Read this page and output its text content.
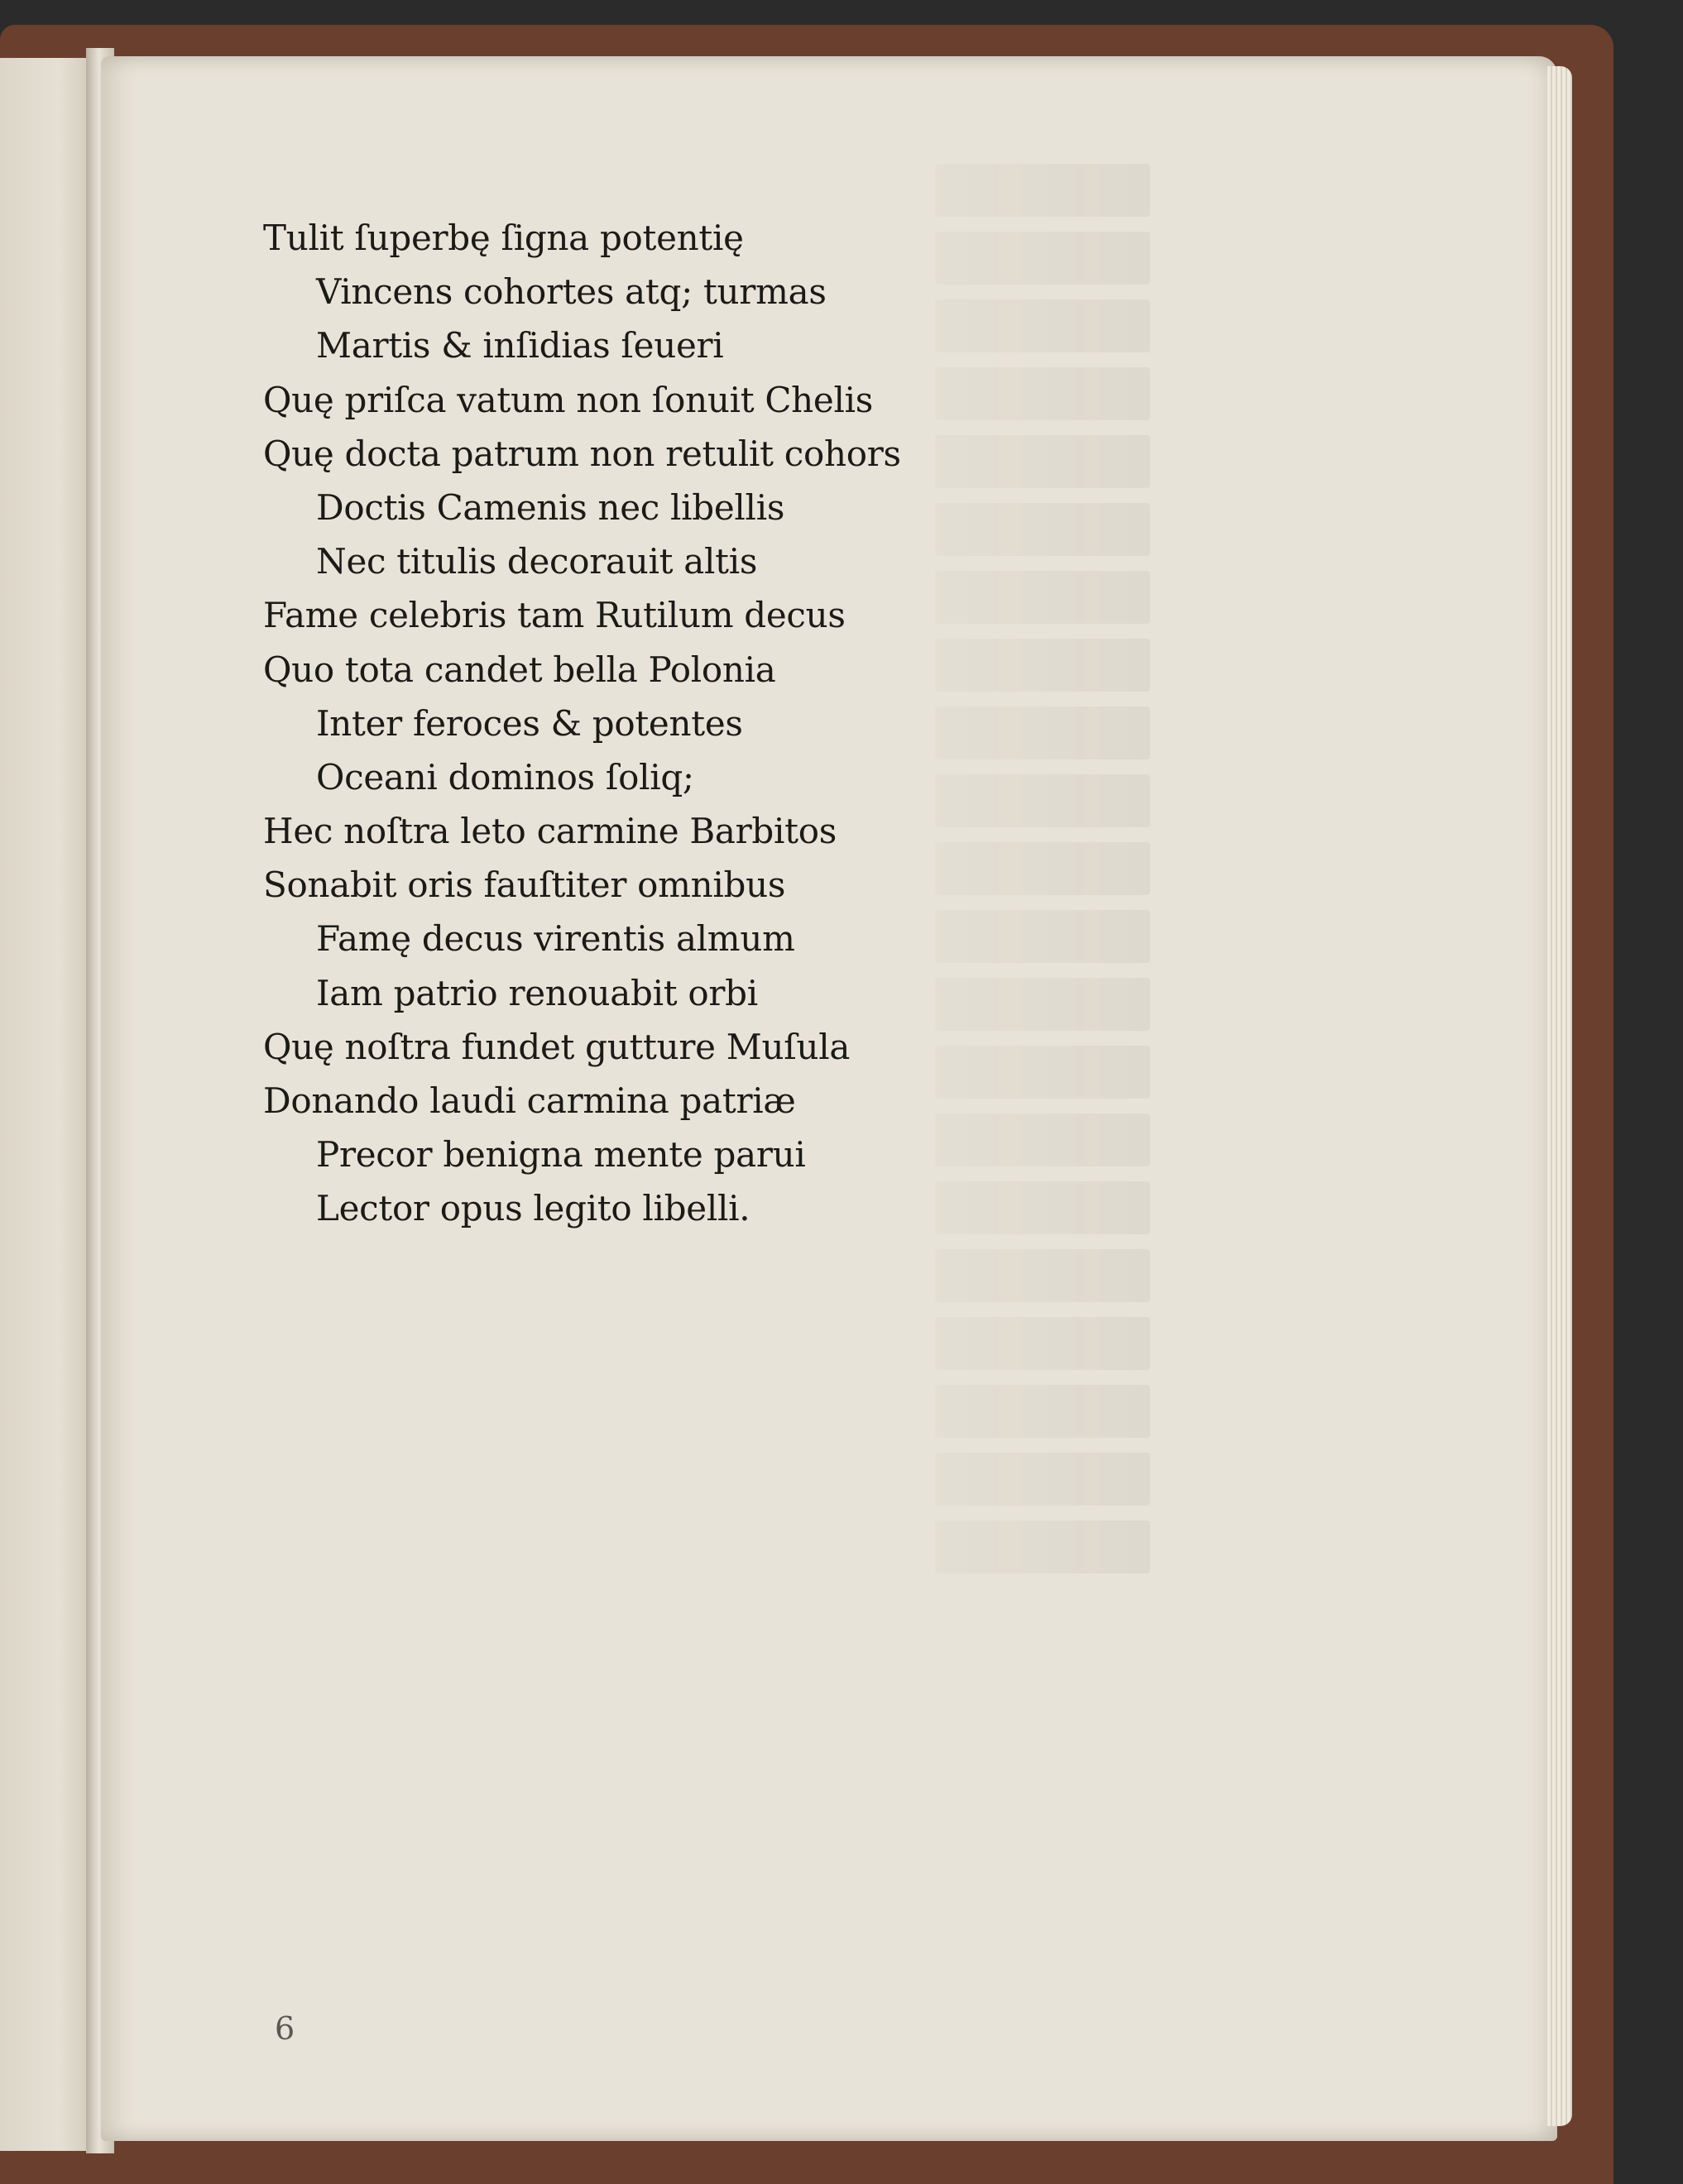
Tulit ſuperbę ſigna potentię
Vincens cohortes atq; turmas
Martis & inſidias ſeueri
Quę priſca vatum non ſonuit Chelis
Quę docta patrum non retulit cohors
Doctis Camenis nec libellis
Nec titulis decorauit altis
Fame celebris tam Rutilum decus
Quo tota candet bella Polonia
Inter feroces & potentes
Oceani dominos ſoliq;
Hec noſtra leto carmine Barbitos
Sonabit oris fauſtiter omnibus
Famę decus virentis almum
Iam patrio renouabit orbi
Quę noſtra fundet gutture Muſula
Donando laudi carmina patriæ
Precor benigna mente parui
Lector opus legito libelli.
6
